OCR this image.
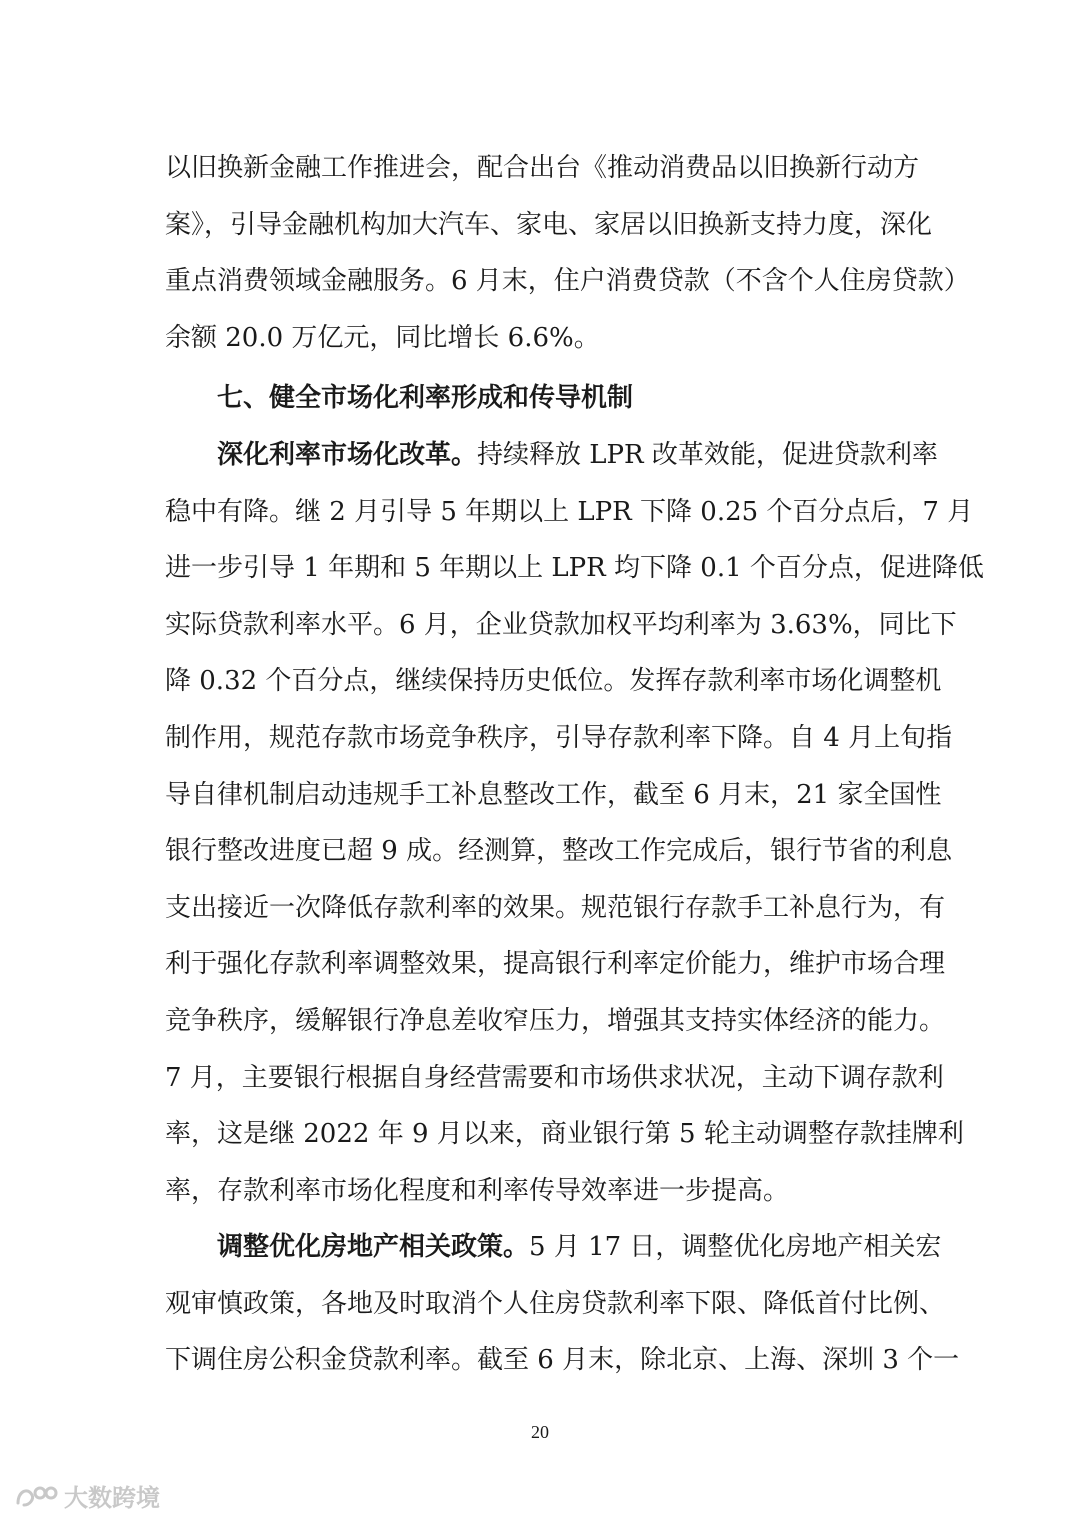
以旧换新金融工作推进会，配合出台《推动消费品以旧换新行动方
案》，引导金融机构加大汽车、家电、家居以旧换新支持力度，深化
重点消费领域金融服务。6 月末，住户消费贷款（不含个人住房贷款）
余额 20.0 万亿元，同比增长 6.6%。
七、健全市场化利率形成和传导机制
深化利率市场化改革。持续释放 LPR 改革效能，促进贷款利率
稳中有降。继 2 月引导 5 年期以上 LPR 下降 0.25 个百分点后，7 月
进一步引导 1 年期和 5 年期以上 LPR 均下降 0.1 个百分点，促进降低
实际贷款利率水平。6 月，企业贷款加权平均利率为 3.63%，同比下
降 0.32 个百分点，继续保持历史低位。发挥存款利率市场化调整机
制作用，规范存款市场竞争秩序，引导存款利率下降。自 4 月上旬指
导自律机制启动违规手工补息整改工作，截至 6 月末，21 家全国性
银行整改进度已超 9 成。经测算，整改工作完成后，银行节省的利息
支出接近一次降低存款利率的效果。规范银行存款手工补息行为，有
利于强化存款利率调整效果，提高银行利率定价能力，维护市场合理
竞争秩序，缓解银行净息差收窄压力，增强其支持实体经济的能力。
7 月，主要银行根据自身经营需要和市场供求状况，主动下调存款利
率，这是继 2022 年 9 月以来，商业银行第 5 轮主动调整存款挂牌利
率，存款利率市场化程度和利率传导效率进一步提高。
调整优化房地产相关政策。5 月 17 日，调整优化房地产相关宏
观审慎政策，各地及时取消个人住房贷款利率下限、降低首付比例、
下调住房公积金贷款利率。截至 6 月末，除北京、上海、深圳 3 个一
20
大数跨境
